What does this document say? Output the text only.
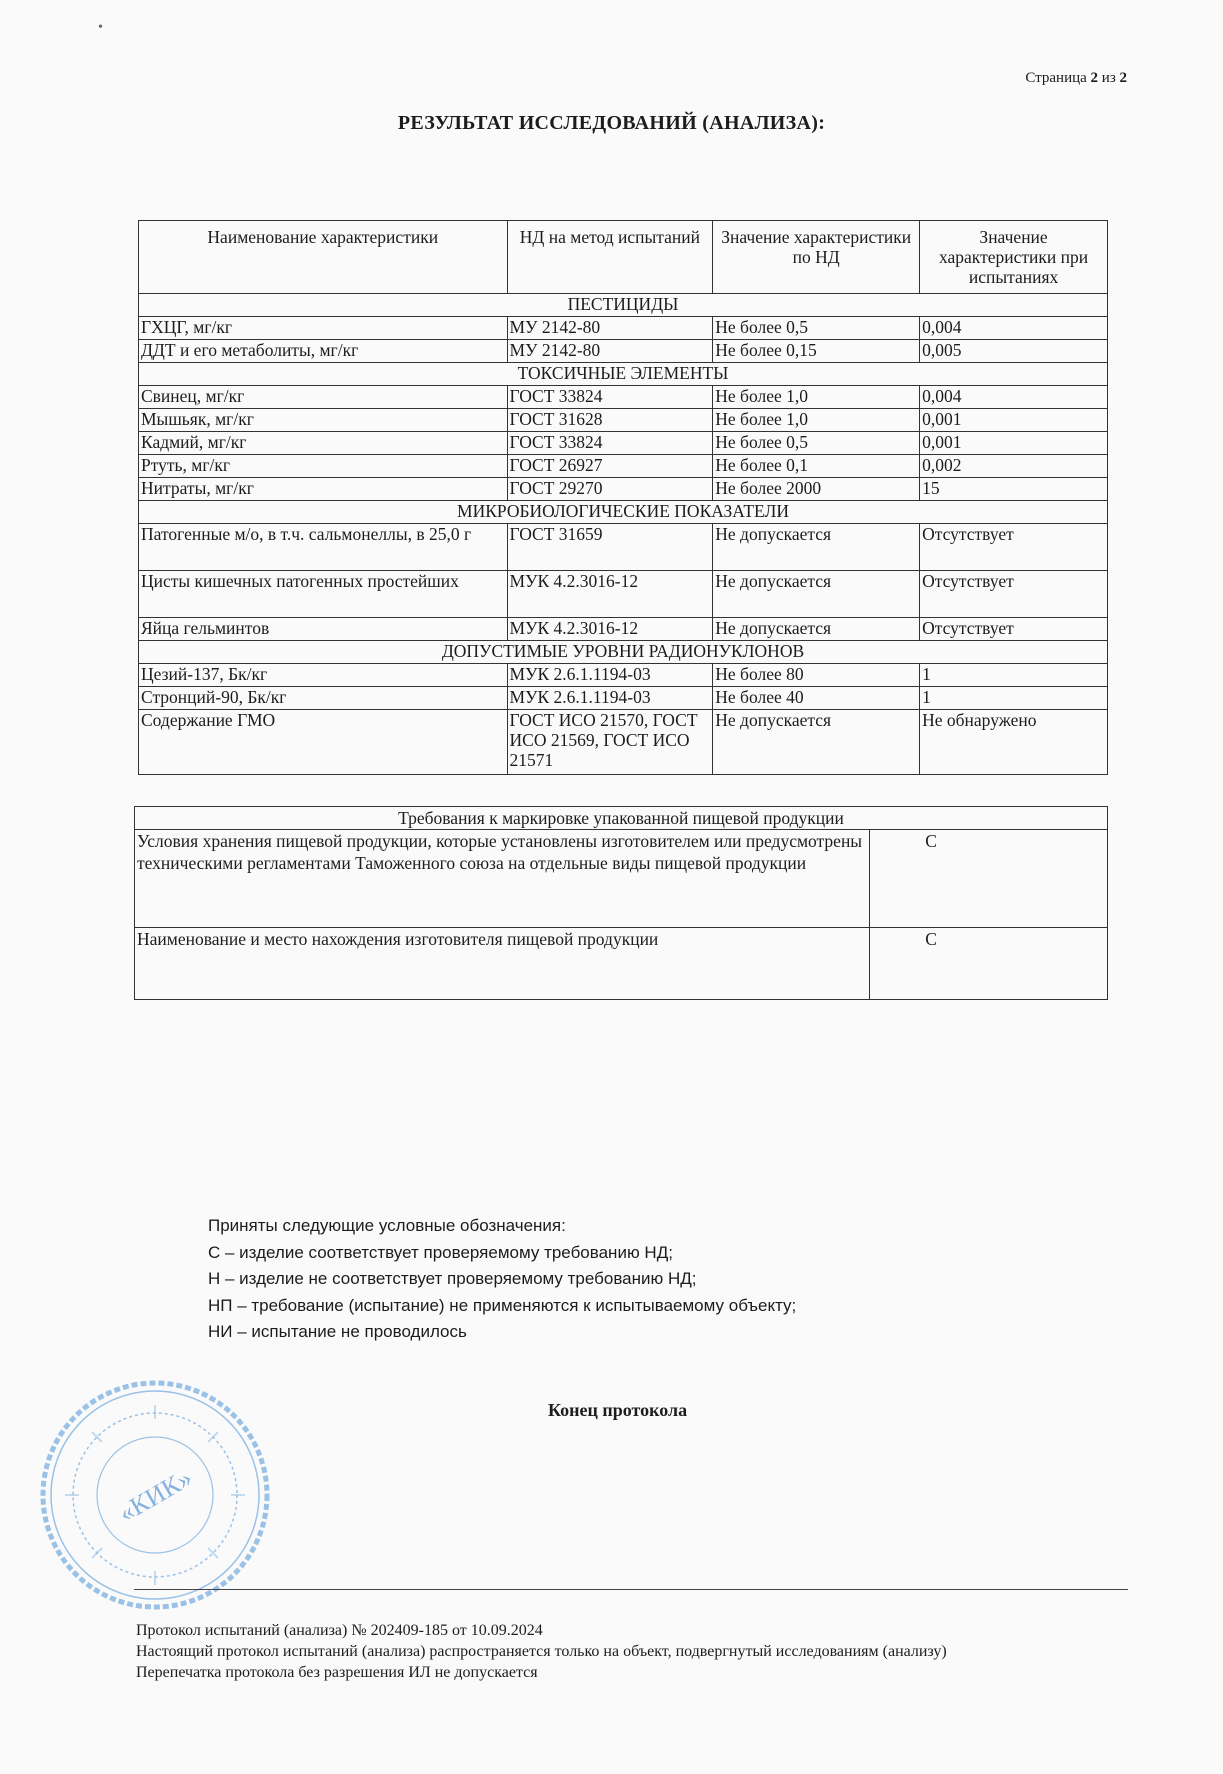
•
Страница 2 из 2
РЕЗУЛЬТАТ ИССЛЕДОВАНИЙ (АНАЛИЗА):
Наименование характеристики	НД на метод испытаний	Значение характеристики по НД	Значение характеристики при испытаниях
ПЕСТИЦИДЫ			
ГХЦГ, мг/кг	МУ 2142-80	Не более 0,5	0,004
ДДТ и его метаболиты, мг/кг	МУ 2142-80	Не более 0,15	0,005
ТОКСИЧНЫЕ ЭЛЕМЕНТЫ			
Свинец, мг/кг	ГОСТ 33824	Не более 1,0	0,004
Мышьяк, мг/кг	ГОСТ 31628	Не более 1,0	0,001
Кадмий, мг/кг	ГОСТ 33824	Не более 0,5	0,001
Ртуть, мг/кг	ГОСТ 26927	Не более 0,1	0,002
Нитраты, мг/кг	ГОСТ 29270	Не более 2000	15
МИКРОБИОЛОГИЧЕСКИЕ ПОКАЗАТЕЛИ			
Патогенные м/о, в т.ч. сальмонеллы, в 25,0 г	ГОСТ 31659	Не допускается	Отсутствует
Цисты кишечных патогенных простейших	МУК 4.2.3016-12	Не допускается	Отсутствует
Яйца гельминтов	МУК 4.2.3016-12	Не допускается	Отсутствует
ДОПУСТИМЫЕ УРОВНИ РАДИОНУКЛОНОВ			
Цезий-137, Бк/кг	МУК 2.6.1.1194-03	Не более 80	1
Стронций-90, Бк/кг	МУК 2.6.1.1194-03	Не более 40	1
Содержание ГМО	ГОСТ ИСО 21570, ГОСТ ИСО 21569, ГОСТ ИСО 21571	Не допускается	Не обнаружено
Требования к маркировке упакованной пищевой продукции	
Условия хранения пищевой продукции, которые установлены изготовителем или предусмотрены техническими регламентами Таможенного союза на отдельные виды пищевой продукции	С
Наименование и место нахождения изготовителя пищевой продукции	С
Приняты следующие условные обозначения:
С – изделие соответствует проверяемому требованию НД;
Н – изделие не соответствует проверяемому требованию НД;
НП – требование (испытание) не применяются к испытываемому объекту;
НИ – испытание не проводилось
Конец протокола
«КИК»
Протокол испытаний (анализа) № 202409-185 от 10.09.2024
Настоящий протокол испытаний (анализа) распространяется только на объект, подвергнутый исследованиям (анализу)
Перепечатка протокола без разрешения ИЛ не допускается
